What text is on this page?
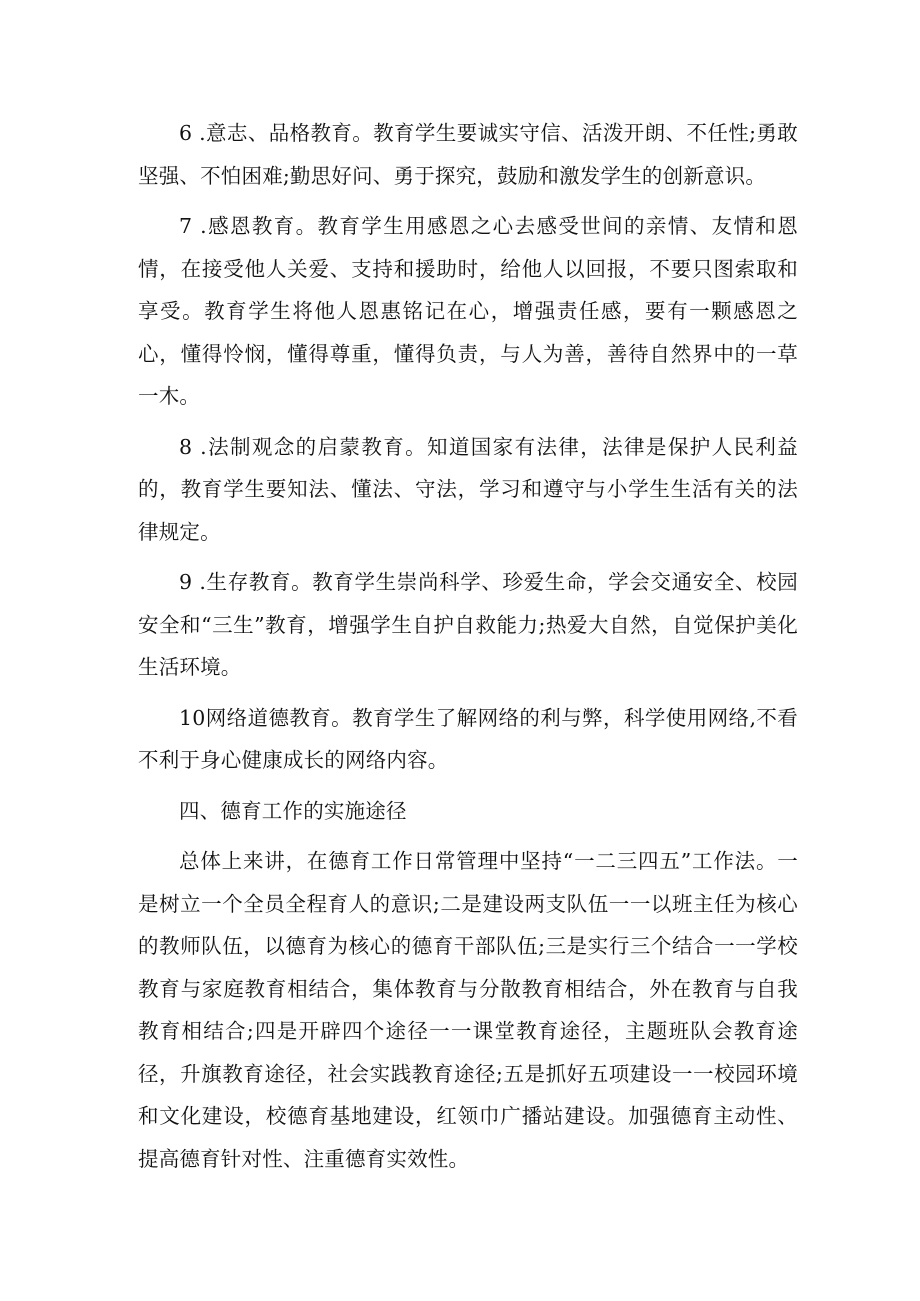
6 .意志、品格教育。教育学生要诚实守信、活泼开朗、不任性;勇敢坚强、不怕困难;勤思好问、勇于探究，鼓励和激发学生的创新意识。

7 .感恩教育。教育学生用感恩之心去感受世间的亲情、友情和恩情，在接受他人关爱、支持和援助时，给他人以回报，不要只图索取和享受。教育学生将他人恩惠铭记在心，增强责任感，要有一颗感恩之心，懂得怜悯，懂得尊重，懂得负责，与人为善，善待自然界中的一草一木。

8 .法制观念的启蒙教育。知道国家有法律，法律是保护人民利益的，教育学生要知法、懂法、守法，学习和遵守与小学生生活有关的法律规定。

9 .生存教育。教育学生崇尚科学、珍爱生命，学会交通安全、校园安全和“三生”教育，增强学生自护自救能力;热爱大自然，自觉保护美化生活环境。

10网络道德教育。教育学生了解网络的利与弊，科学使用网络,不看不利于身心健康成长的网络内容。

四、德育工作的实施途径

总体上来讲，在德育工作日常管理中坚持“一二三四五”工作法。一是树立一个全员全程育人的意识;二是建设两支队伍一一以班主任为核心的教师队伍，以德育为核心的德育干部队伍;三是实行三个结合一一学校教育与家庭教育相结合，集体教育与分散教育相结合，外在教育与自我教育相结合;四是开辟四个途径一一课堂教育途径，主题班队会教育途径，升旗教育途径，社会实践教育途径;五是抓好五项建设一一校园环境和文化建设，校德育基地建设，红领巾广播站建设。加强德育主动性、提高德育针对性、注重德育实效性。
